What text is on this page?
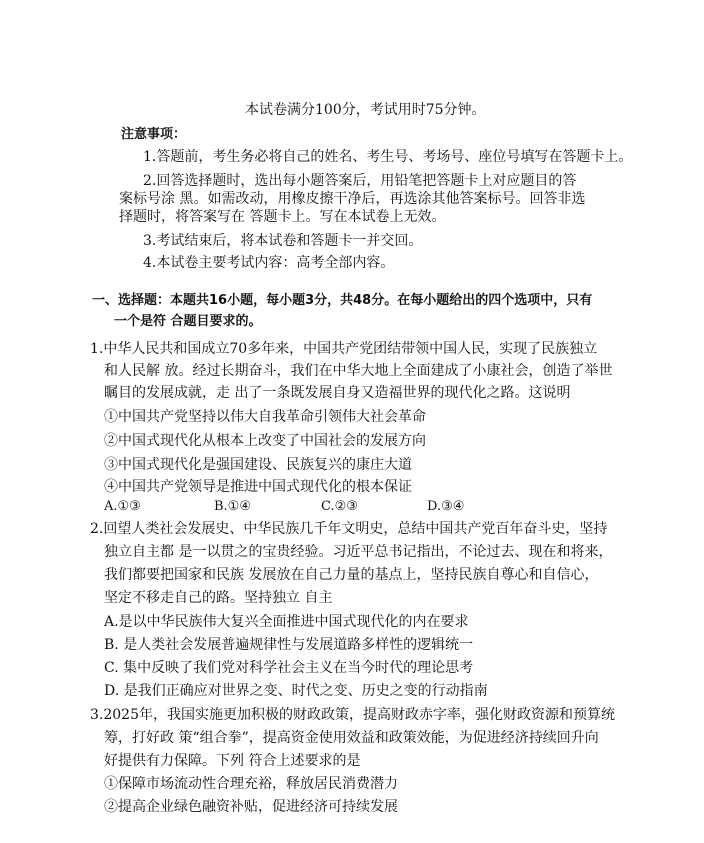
本试卷满分100分，考试用时75分钟。
注意事项：
1.答题前，考生务必将自己的姓名、考生号、考场号、座位号填写在答题卡上。
2.回答选择题时，选出每小题答案后，用铅笔把答题卡上对应题目的答
案标号涂 黑。如需改动，用橡皮擦干净后，再选涂其他答案标号。回答非选
择题时，将答案写在 答题卡上。写在本试卷上无效。
3.考试结束后，将本试卷和答题卡一并交回。
4.本试卷主要考试内容：高考全部内容。
一、选择题：本题共16小题，每小题3分，共48分。在每小题给出的四个选项中，只有
一个是符 合题目要求的。
1.中华人民共和国成立70多年来，中国共产党团结带领中国人民，实现了民族独立
和人民解 放。经过长期奋斗，我们在中华大地上全面建成了小康社会，创造了举世
瞩目的发展成就，走 出了一条既发展自身又造福世界的现代化之路。这说明
①中国共产党坚持以伟大自我革命引领伟大社会革命
②中国式现代化从根本上改变了中国社会的发展方向
③中国式现代化是强国建设、民族复兴的康庄大道
④中国共产党领导是推进中国式现代化的根本保证
A.①③	B.①④	C.②③	D.③④
2.回望人类社会发展史、中华民族几千年文明史，总结中国共产党百年奋斗史，坚持
独立自主都 是一以贯之的宝贵经验。习近平总书记指出，不论过去、现在和将来，
我们都要把国家和民族 发展放在自己力量的基点上，坚持民族自尊心和自信心，
坚定不移走自己的路。坚持独立 自主
A.是以中华民族伟大复兴全面推进中国式现代化的内在要求
B. 是人类社会发展普遍规律性与发展道路多样性的逻辑统一
C. 集中反映了我们党对科学社会主义在当今时代的理论思考
D. 是我们正确应对世界之变、时代之变、历史之变的行动指南
3.2025年，我国实施更加积极的财政政策，提高财政赤字率，强化财政资源和预算统
筹，打好政 策“组合拳”，提高资金使用效益和政策效能，为促进经济持续回升向
好提供有力保障。下列 符合上述要求的是
①保障市场流动性合理充裕，释放居民消费潜力
②提高企业绿色融资补贴，促进经济可持续发展
